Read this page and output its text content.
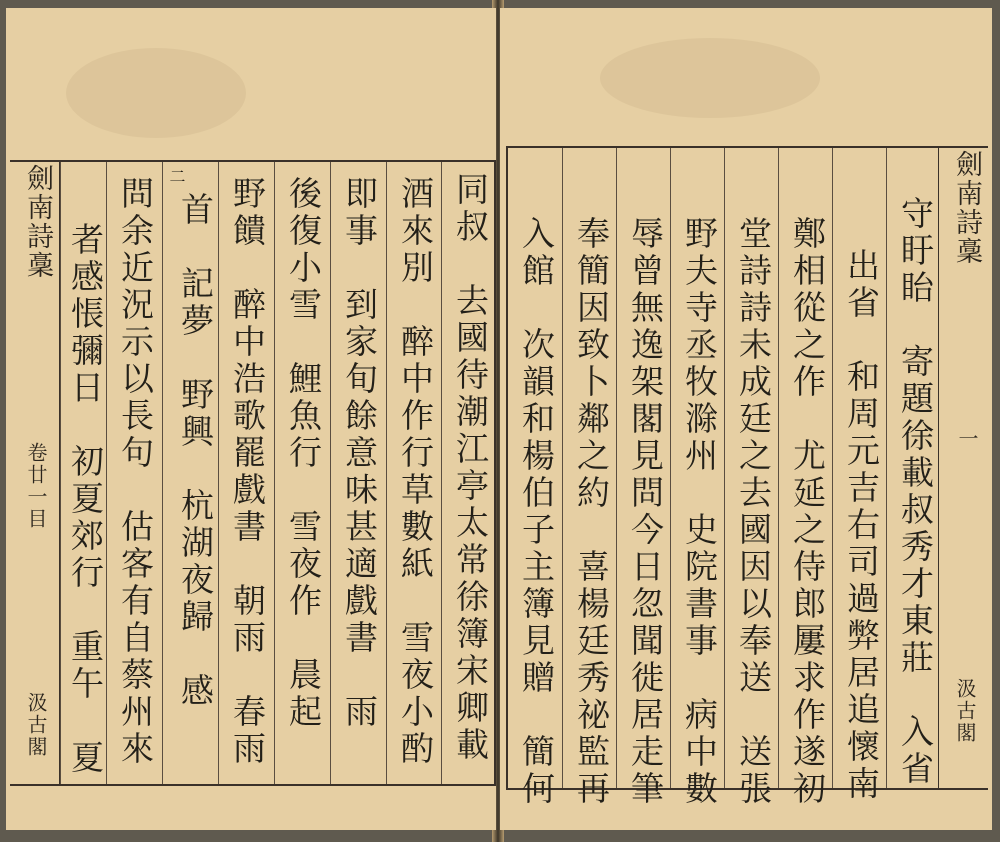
劍南詩稾
卷廿一目
汲古閣	同叔　去國待潮江亭太常徐簿宋卿載
酒來別　醉中作行草數紙　雪夜小酌
即事　到家旬餘意味甚適戲書　雨
後復小雪　鯉魚行　雪夜作　晨起
野饋　醉中浩歌罷戲書　朝雨　春雨
二
首　記夢　野興　杭湖夜歸　感
問余近況示以長句　估客有自蔡州來
者感悵彌日　初夏郊行　重午　夏
劍南詩稾
一
汲古閣
守盱眙　寄題徐載叔秀才東莊　入省
出省　和周元吉右司過弊居追懷南
鄭相從之作　尤延之侍郎屢求作遂初
堂詩詩未成廷之去國因以奉送　送張
野夫寺丞牧滁州　史院書事　病中數
辱曾無逸架閣見問今日忽聞徙居走筆
奉簡因致卜鄰之約　喜楊廷秀祕監再
入館　次韻和楊伯子主簿見贈　簡何
